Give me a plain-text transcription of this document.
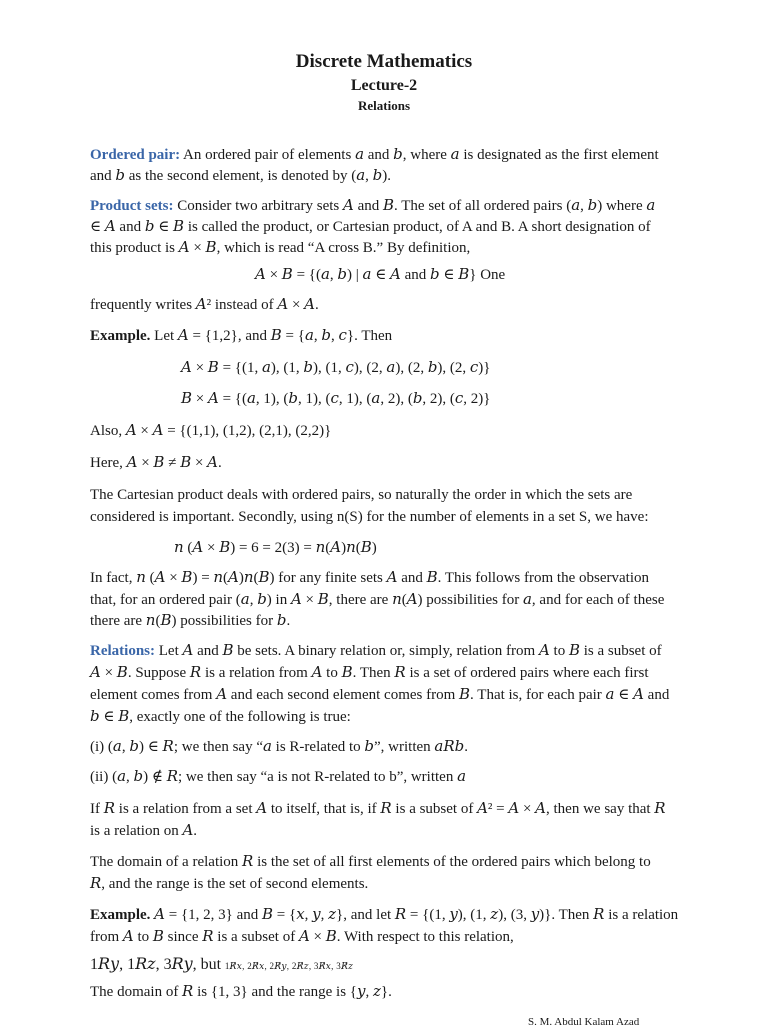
Discrete Mathematics
Lecture-2
Relations
Ordered pair: An ordered pair of elements 𝑎 and 𝑏, where 𝑎 is designated as the first element
and 𝑏 as the second element, is denoted by (𝑎, 𝑏).
Product sets: Consider two arbitrary sets 𝐴 and 𝐵. The set of all ordered pairs (𝑎, 𝑏) where 𝑎
∈ 𝐴 and 𝑏 ∈ 𝐵 is called the product, or Cartesian product, of A and B. A short designation of
this product is 𝐴 × 𝐵, which is read “A cross B.” By definition,
𝐴 × 𝐵 = {(𝑎, 𝑏) | 𝑎 ∈ 𝐴 and 𝑏 ∈ 𝐵} One
frequently writes 𝐴² instead of 𝐴 × 𝐴.
Example. Let 𝐴 = {1,2}, and 𝐵 = {𝑎, 𝑏, 𝑐}. Then
𝐴 × 𝐵 = {(1, 𝑎), (1, 𝑏), (1, 𝑐), (2, 𝑎), (2, 𝑏), (2, 𝑐)}
𝐵 × 𝐴 = {(𝑎, 1), (𝑏, 1), (𝑐, 1), (𝑎, 2), (𝑏, 2), (𝑐, 2)}
Also, 𝐴 × 𝐴 = {(1,1), (1,2), (2,1), (2,2)}
Here, 𝐴 × 𝐵 ≠ 𝐵 × 𝐴.
The Cartesian product deals with ordered pairs, so naturally the order in which the sets are
considered is important. Secondly, using n(S) for the number of elements in a set S, we have:
𝑛 (𝐴 × 𝐵) = 6 = 2(3) = 𝑛(𝐴)𝑛(𝐵)
In fact, 𝑛 (𝐴 × 𝐵) = 𝑛(𝐴)𝑛(𝐵) for any finite sets 𝐴 and 𝐵. This follows from the observation
that, for an ordered pair (𝑎, 𝑏) in 𝐴 × 𝐵, there are 𝑛(𝐴) possibilities for 𝑎, and for each of these
there are 𝑛(𝐵) possibilities for 𝑏.
Relations: Let 𝐴 and 𝐵 be sets. A binary relation or, simply, relation from 𝐴 to 𝐵 is a subset of
𝐴 × 𝐵. Suppose 𝑅 is a relation from 𝐴 to 𝐵. Then 𝑅 is a set of ordered pairs where each first
element comes from 𝐴 and each second element comes from 𝐵. That is, for each pair 𝑎 ∈ 𝐴 and
𝑏 ∈ 𝐵, exactly one of the following is true:
(i) (𝑎, 𝑏) ∈ 𝑅; we then say “𝑎 is R-related to 𝑏”, written 𝑎𝑅𝑏.
(ii) (𝑎, 𝑏) ∉ 𝑅; we then say “a is not R-related to b”, written 𝑎
If 𝑅 is a relation from a set 𝐴 to itself, that is, if 𝑅 is a subset of 𝐴² = 𝐴 × 𝐴, then we say that 𝑅
is a relation on 𝐴.
The domain of a relation 𝑅 is the set of all first elements of the ordered pairs which belong to
𝑅, and the range is the set of second elements.
Example. 𝐴 = {1, 2, 3} and 𝐵 = {𝑥, 𝑦, 𝑧}, and let 𝑅 = {(1, 𝑦), (1, 𝑧), (3, 𝑦)}. Then 𝑅 is a relation
from 𝐴 to 𝐵 since 𝑅 is a subset of 𝐴 × 𝐵. With respect to this relation,
1𝑅𝑦, 1𝑅𝑧, 3𝑅𝑦, but 1𝑅̸𝑥, 2𝑅̸𝑥, 2𝑅̸𝑦, 2𝑅̸𝑧, 3𝑅̸𝑥, 3𝑅̸𝑧
The domain of 𝑅 is {1, 3} and the range is {𝑦, 𝑧}.
S. M. Abdul Kalam Azad
